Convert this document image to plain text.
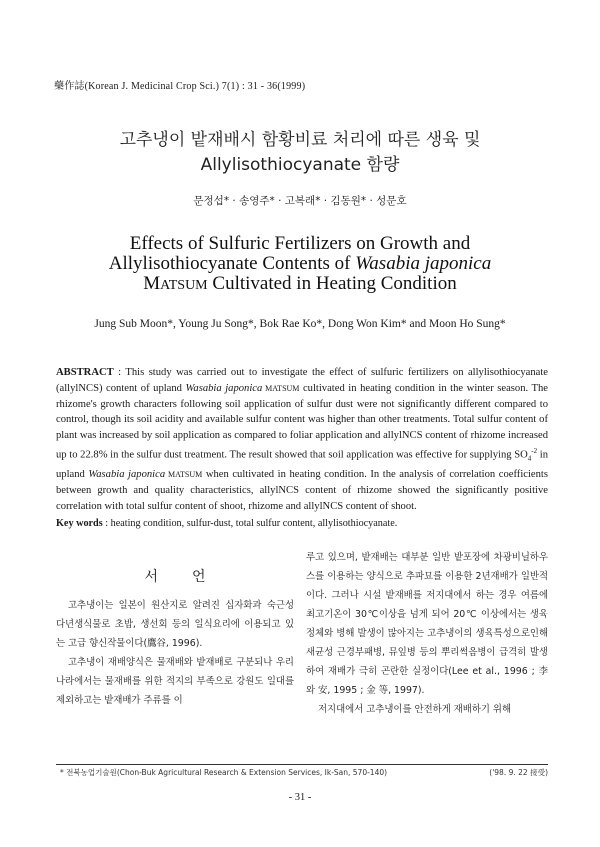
藥作誌(Korean J. Medicinal Crop Sci.) 7(1) : 31 - 36(1999)
고추냉이 밭재배시 함황비료 처리에 따른 생육 및
Allylisothiocyanate 함량
문정섭* · 송영주* · 고복래* · 김동원* · 성문호
Effects of Sulfuric Fertilizers on Growth and
Allylisothiocyanate Contents of Wasabia japonica
MATSUM Cultivated in Heating Condition
Jung Sub Moon*, Young Ju Song*, Bok Rae Ko*, Dong Won Kim* and Moon Ho Sung*
ABSTRACT : This study was carried out to investigate the effect of sulfuric fertilizers on allylisothiocyanate (allylNCS) content of upland Wasabia japonica MATSUM cultivated in heating condition in the winter season. The rhizome's growth characters following soil application of sulfur dust were not significantly different compared to control, though its soil acidity and available sulfur content was higher than other treatments. Total sulfur content of plant was increased by soil application as compared to foliar application and allylNCS content of rhizome increased up to 22.8% in the sulfur dust treatment. The result showed that soil application was effective for supplying $SO_4^{-2}$ in upland Wasabia japonica MATSUM when cultivated in heating condition. In the analysis of correlation coefficients between growth and quality characteristics, allylNCS content of rhizome showed the significantly positive correlation with total sulfur content of shoot, rhizome and allylNCS content of shoot.
Key words : heating condition, sulfur-dust, total sulfur content, allylisothiocyanate.
서언

고추냉이는 일본이 원산지로 알려진 십자화과 숙근성 다년생식물로 초밥, 생선회 등의 일식요리에 이용되고 있는 고급 향신작물이다(鷹谷, 1996).

고추냉이 재배양식은 물재배와 밭재배로 구분되나 우리나라에서는 물재배를 위한 적지의 부족으로 강원도 일대를 제외하고는 밭재배가 주류를 이

루고 있으며, 밭재배는 대부분 일반 밭포장에 차광비닐하우스를 이용하는 양식으로 추파묘를 이용한 2년재배가 일반적이다. 그러나 시설 밭재배를 저지대에서 하는 경우 여름에 최고기온이 30℃이상을 넘게 되어 20℃ 이상에서는 생육 정체와 병해 발생이 많아지는 고추냉이의 생육특성으로인해 새균성 근경부패병, 뮤잎병 등의 뿌리썩음병이 급격히 발생하여 재배가 극히 곤란한 실정이다(Lee et al., 1996 ; 李와 安, 1995 ; 金 等, 1997).

저지대에서 고추냉이를 안전하게 재배하기 위해

* 전북농업기술원(Chon-Buk Agricultural Research & Extension Services, Ik-San, 570-140)	('98. 9. 22 接受)
- 31 -
